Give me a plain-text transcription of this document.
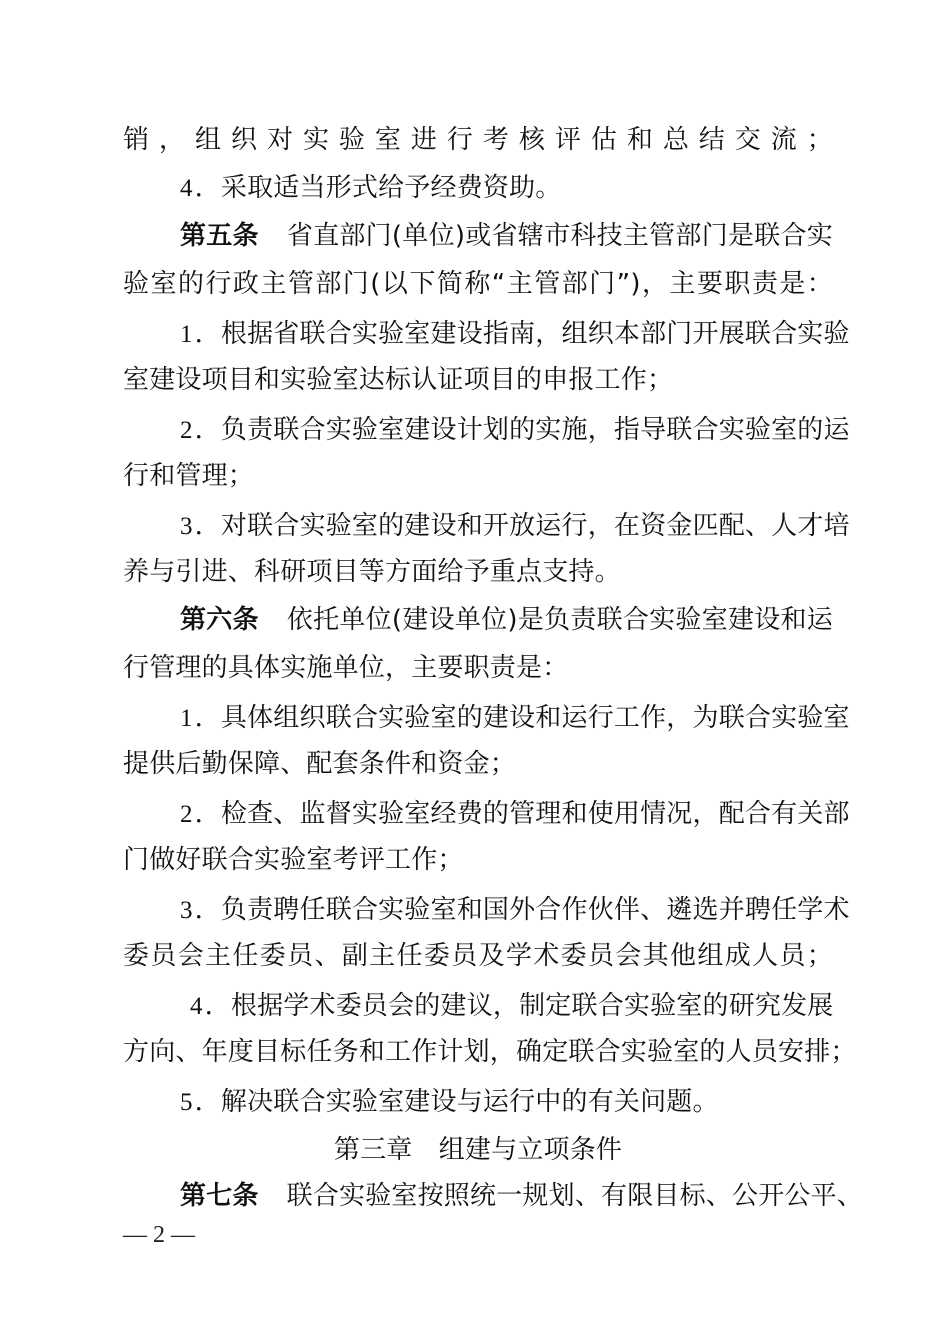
销，组织对实验室进行考核评估和总结交流；
4．采取适当形式给予经费资助。
第五条 省直部门(单位)或省辖市科技主管部门是联合实
验室的行政主管部门(以下简称“主管部门”)，主要职责是：
1．根据省联合实验室建设指南，组织本部门开展联合实验
室建设项目和实验室达标认证项目的申报工作；
2．负责联合实验室建设计划的实施，指导联合实验室的运
行和管理；
3．对联合实验室的建设和开放运行，在资金匹配、人才培
养与引进、科研项目等方面给予重点支持。
第六条 依托单位(建设单位)是负责联合实验室建设和运
行管理的具体实施单位，主要职责是：
1．具体组织联合实验室的建设和运行工作，为联合实验室
提供后勤保障、配套条件和资金；
2．检查、监督实验室经费的管理和使用情况，配合有关部
门做好联合实验室考评工作；
3．负责聘任联合实验室和国外合作伙伴、遴选并聘任学术
委员会主任委员、副主任委员及学术委员会其他组成人员；
4．根据学术委员会的建议，制定联合实验室的研究发展
方向、年度目标任务和工作计划，确定联合实验室的人员安排；
5．解决联合实验室建设与运行中的有关问题。
第三章　组建与立项条件
第七条 联合实验室按照统一规划、有限目标、公开公平、
— 2 —
